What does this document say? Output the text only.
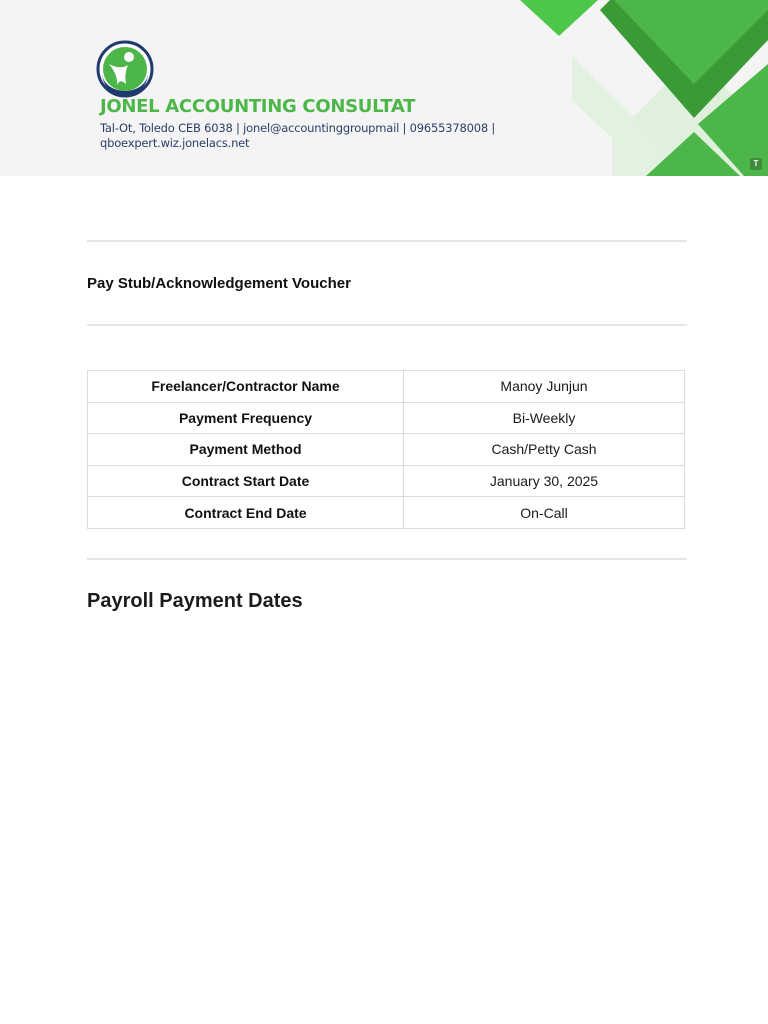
JONEL ACCOUNTING CONSULTAT
Tal-Ot, Toledo CEB 6038 | jonel@accountinggroupmail | 09655378008 |
qboexpert.wiz.jonelacs.net
T
Pay Stub/Acknowledgement Voucher
Freelancer/Contractor Name	Manoy Junjun
Payment Frequency	Bi-Weekly
Payment Method	Cash/Petty Cash
Contract Start Date	January 30, 2025
Contract End Date	On-Call
Payroll Payment Dates
